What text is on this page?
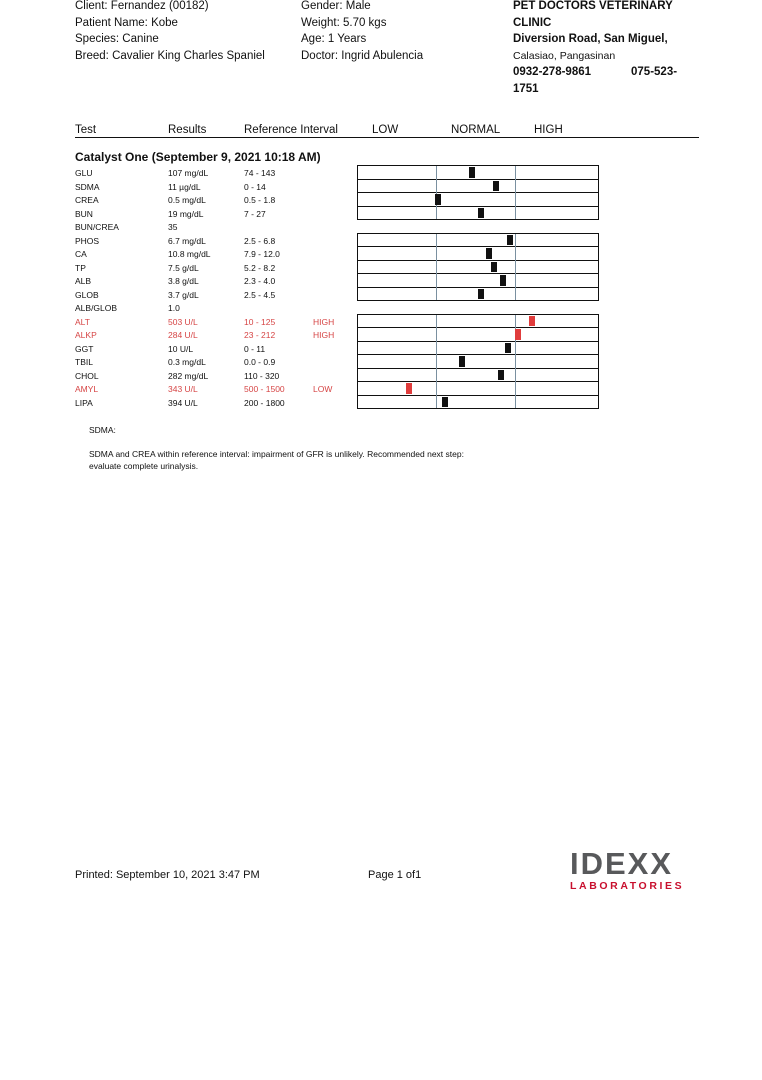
Client: Fernandez (00182)
Patient Name: Kobe
Species: Canine
Breed: Cavalier King Charles Spaniel
Gender: Male
Weight: 5.70 kgs
Age: 1 Years
Doctor: Ingrid Abulencia
PET DOCTORS VETERINARY
CLINIC
Diversion Road, San Miguel,
Calasiao, Pangasinan
0932-278-9861	075-523-
1751
Test	Results	Reference Interval	LOW	NORMAL	HIGH
Catalyst One (September 9, 2021 10:18 AM)
GLU	107 mg/dL	74 - 143
SDMA	11 µg/dL	0 - 14
CREA	0.5 mg/dL	0.5 - 1.8
BUN	19 mg/dL	7 - 27
BUN/CREA	35
PHOS	6.7 mg/dL	2.5 - 6.8
CA	10.8 mg/dL	7.9 - 12.0
TP	7.5 g/dL	5.2 - 8.2
ALB	3.8 g/dL	2.3 - 4.0
GLOB	3.7 g/dL	2.5 - 4.5
ALB/GLOB	1.0
ALT	503 U/L	10 - 125	HIGH
ALKP	284 U/L	23 - 212	HIGH
GGT	10 U/L	0 - 11
TBIL	0.3 mg/dL	0.0 - 0.9
CHOL	282 mg/dL	110 - 320
AMYL	343 U/L	500 - 1500	LOW
LIPA	394 U/L	200 - 1800
SDMA:
SDMA and CREA within reference interval: impairment of GFR is unlikely. Recommended next step:
evaluate complete urinalysis.
Printed: September 10, 2021 3:47 PM	Page 1 of1	IDEXX
LABORATORIES
